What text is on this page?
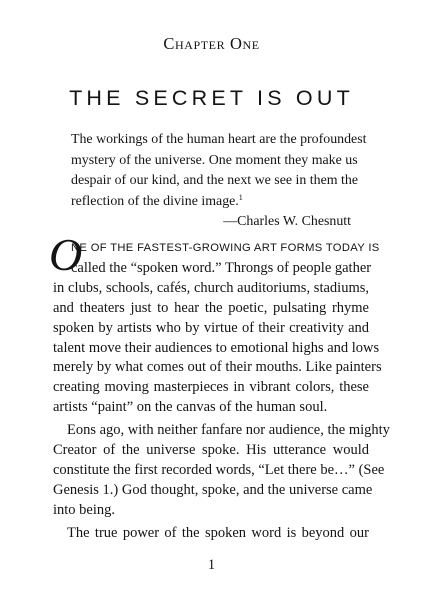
Chapter One
THE SECRET IS OUT
The workings of the human heart are the profoundest
mystery of the universe. One moment they make us
despair of our kind, and the next we see in them the
reflection of the divine image.$^1$
—Charles W. Chesnutt
O
NE OF THE FASTEST-GROWING ART FORMS TODAY IS
called the “spoken word.” Throngs of people gather
in clubs, schools, cafés, church auditoriums, stadiums,
and theaters just to hear the poetic, pulsating rhyme
spoken by artists who by virtue of their creativity and
talent move their audiences to emotional highs and lows
merely by what comes out of their mouths. Like painters
creating moving masterpieces in vibrant colors, these
artists “paint” on the canvas of the human soul.
Eons ago, with neither fanfare nor audience, the mighty
Creator of the universe spoke. His utterance would
constitute the first recorded words, “Let there be…” (See
Genesis 1.) God thought, spoke, and the universe came
into being.
The true power of the spoken word is beyond our
1
